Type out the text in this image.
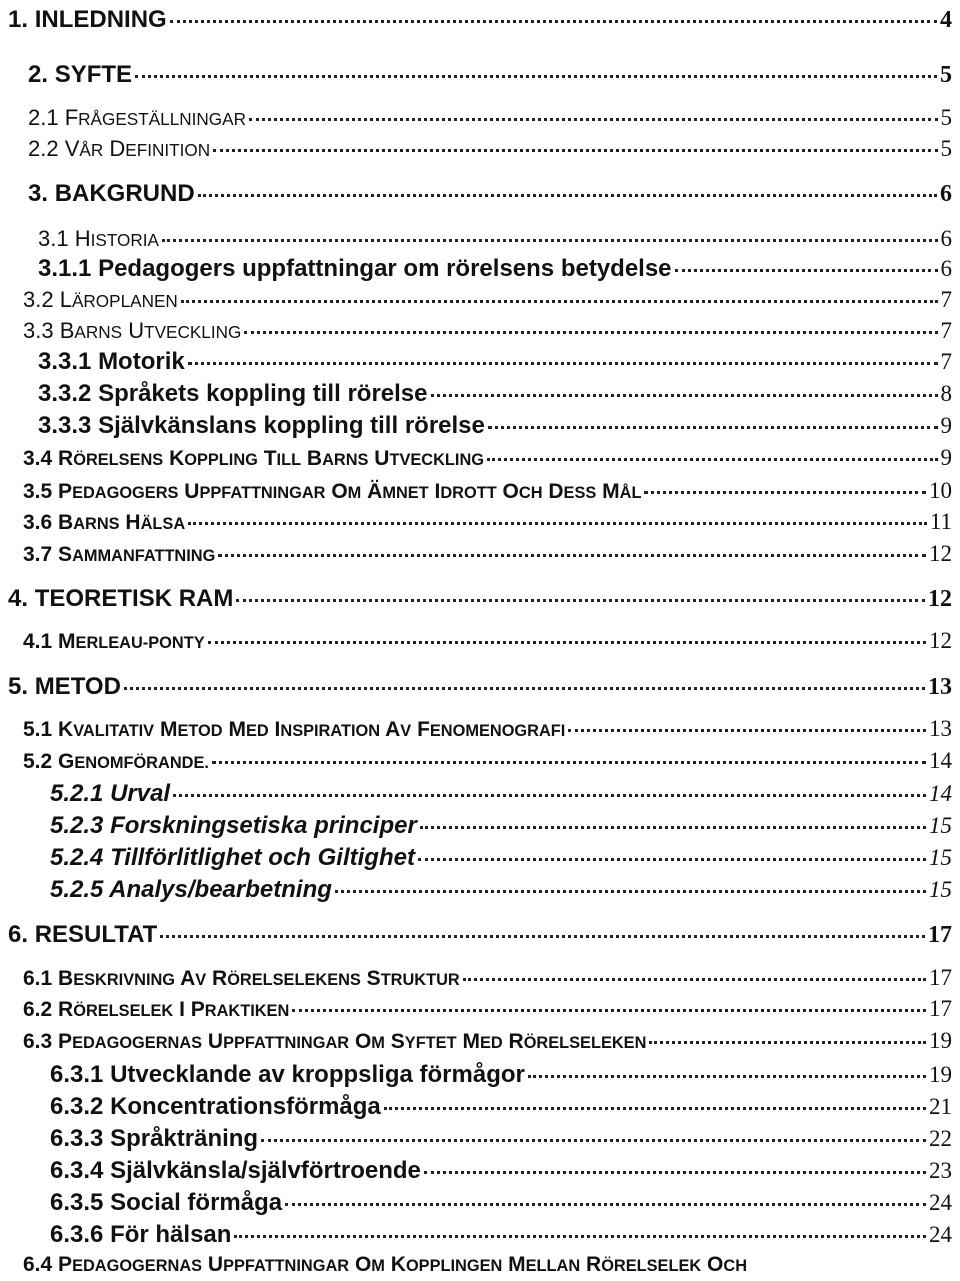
1. INLEDNING	4
2. SYFTE	5
2.1 FRÅGESTÄLLNINGAR	5
2.2 VÅR DEFINITION	5
3. BAKGRUND	6
3.1 HISTORIA	6
3.1.1 Pedagogers uppfattningar om rörelsens betydelse	6
3.2 LÄROPLANEN	7
3.3 BARNS UTVECKLING	7
3.3.1 Motorik	7
3.3.2 Språkets koppling till rörelse	8
3.3.3 Självkänslans koppling till rörelse	9
3.4 RÖRELSENS KOPPLING TILL BARNS UTVECKLING	9
3.5 PEDAGOGERS UPPFATTNINGAR OM ÄMNET IDROTT OCH DESS MÅL	10
3.6 BARNS HÄLSA	11
3.7 SAMMANFATTNING	12
4. TEORETISK RAM	12
4.1 MERLEAU-PONTY	12
5. METOD	13
5.1 KVALITATIV METOD MED INSPIRATION AV FENOMENOGRAFI	13
5.2 GENOMFÖRANDE.	14
5.2.1 Urval	14
5.2.3 Forskningsetiska principer	15
5.2.4 Tillförlitlighet och Giltighet	15
5.2.5 Analys/bearbetning	15
6. RESULTAT	17
6.1 BESKRIVNING AV RÖRELSELEKENS STRUKTUR	17
6.2 RÖRELSELEK I PRAKTIKEN	17
6.3 PEDAGOGERNAS UPPFATTNINGAR OM SYFTET MED RÖRELSELEKEN	19
6.3.1 Utvecklande av kroppsliga förmågor	19
6.3.2 Koncentrationsförmåga	21
6.3.3 Språkträning	22
6.3.4 Självkänsla/självförtroende	23
6.3.5 Social förmåga	24
6.3.6 För hälsan	24
6.4 PEDAGOGERNAS UPPFATTNINGAR OM KOPPLINGEN MELLAN RÖRELSELEK OCH
